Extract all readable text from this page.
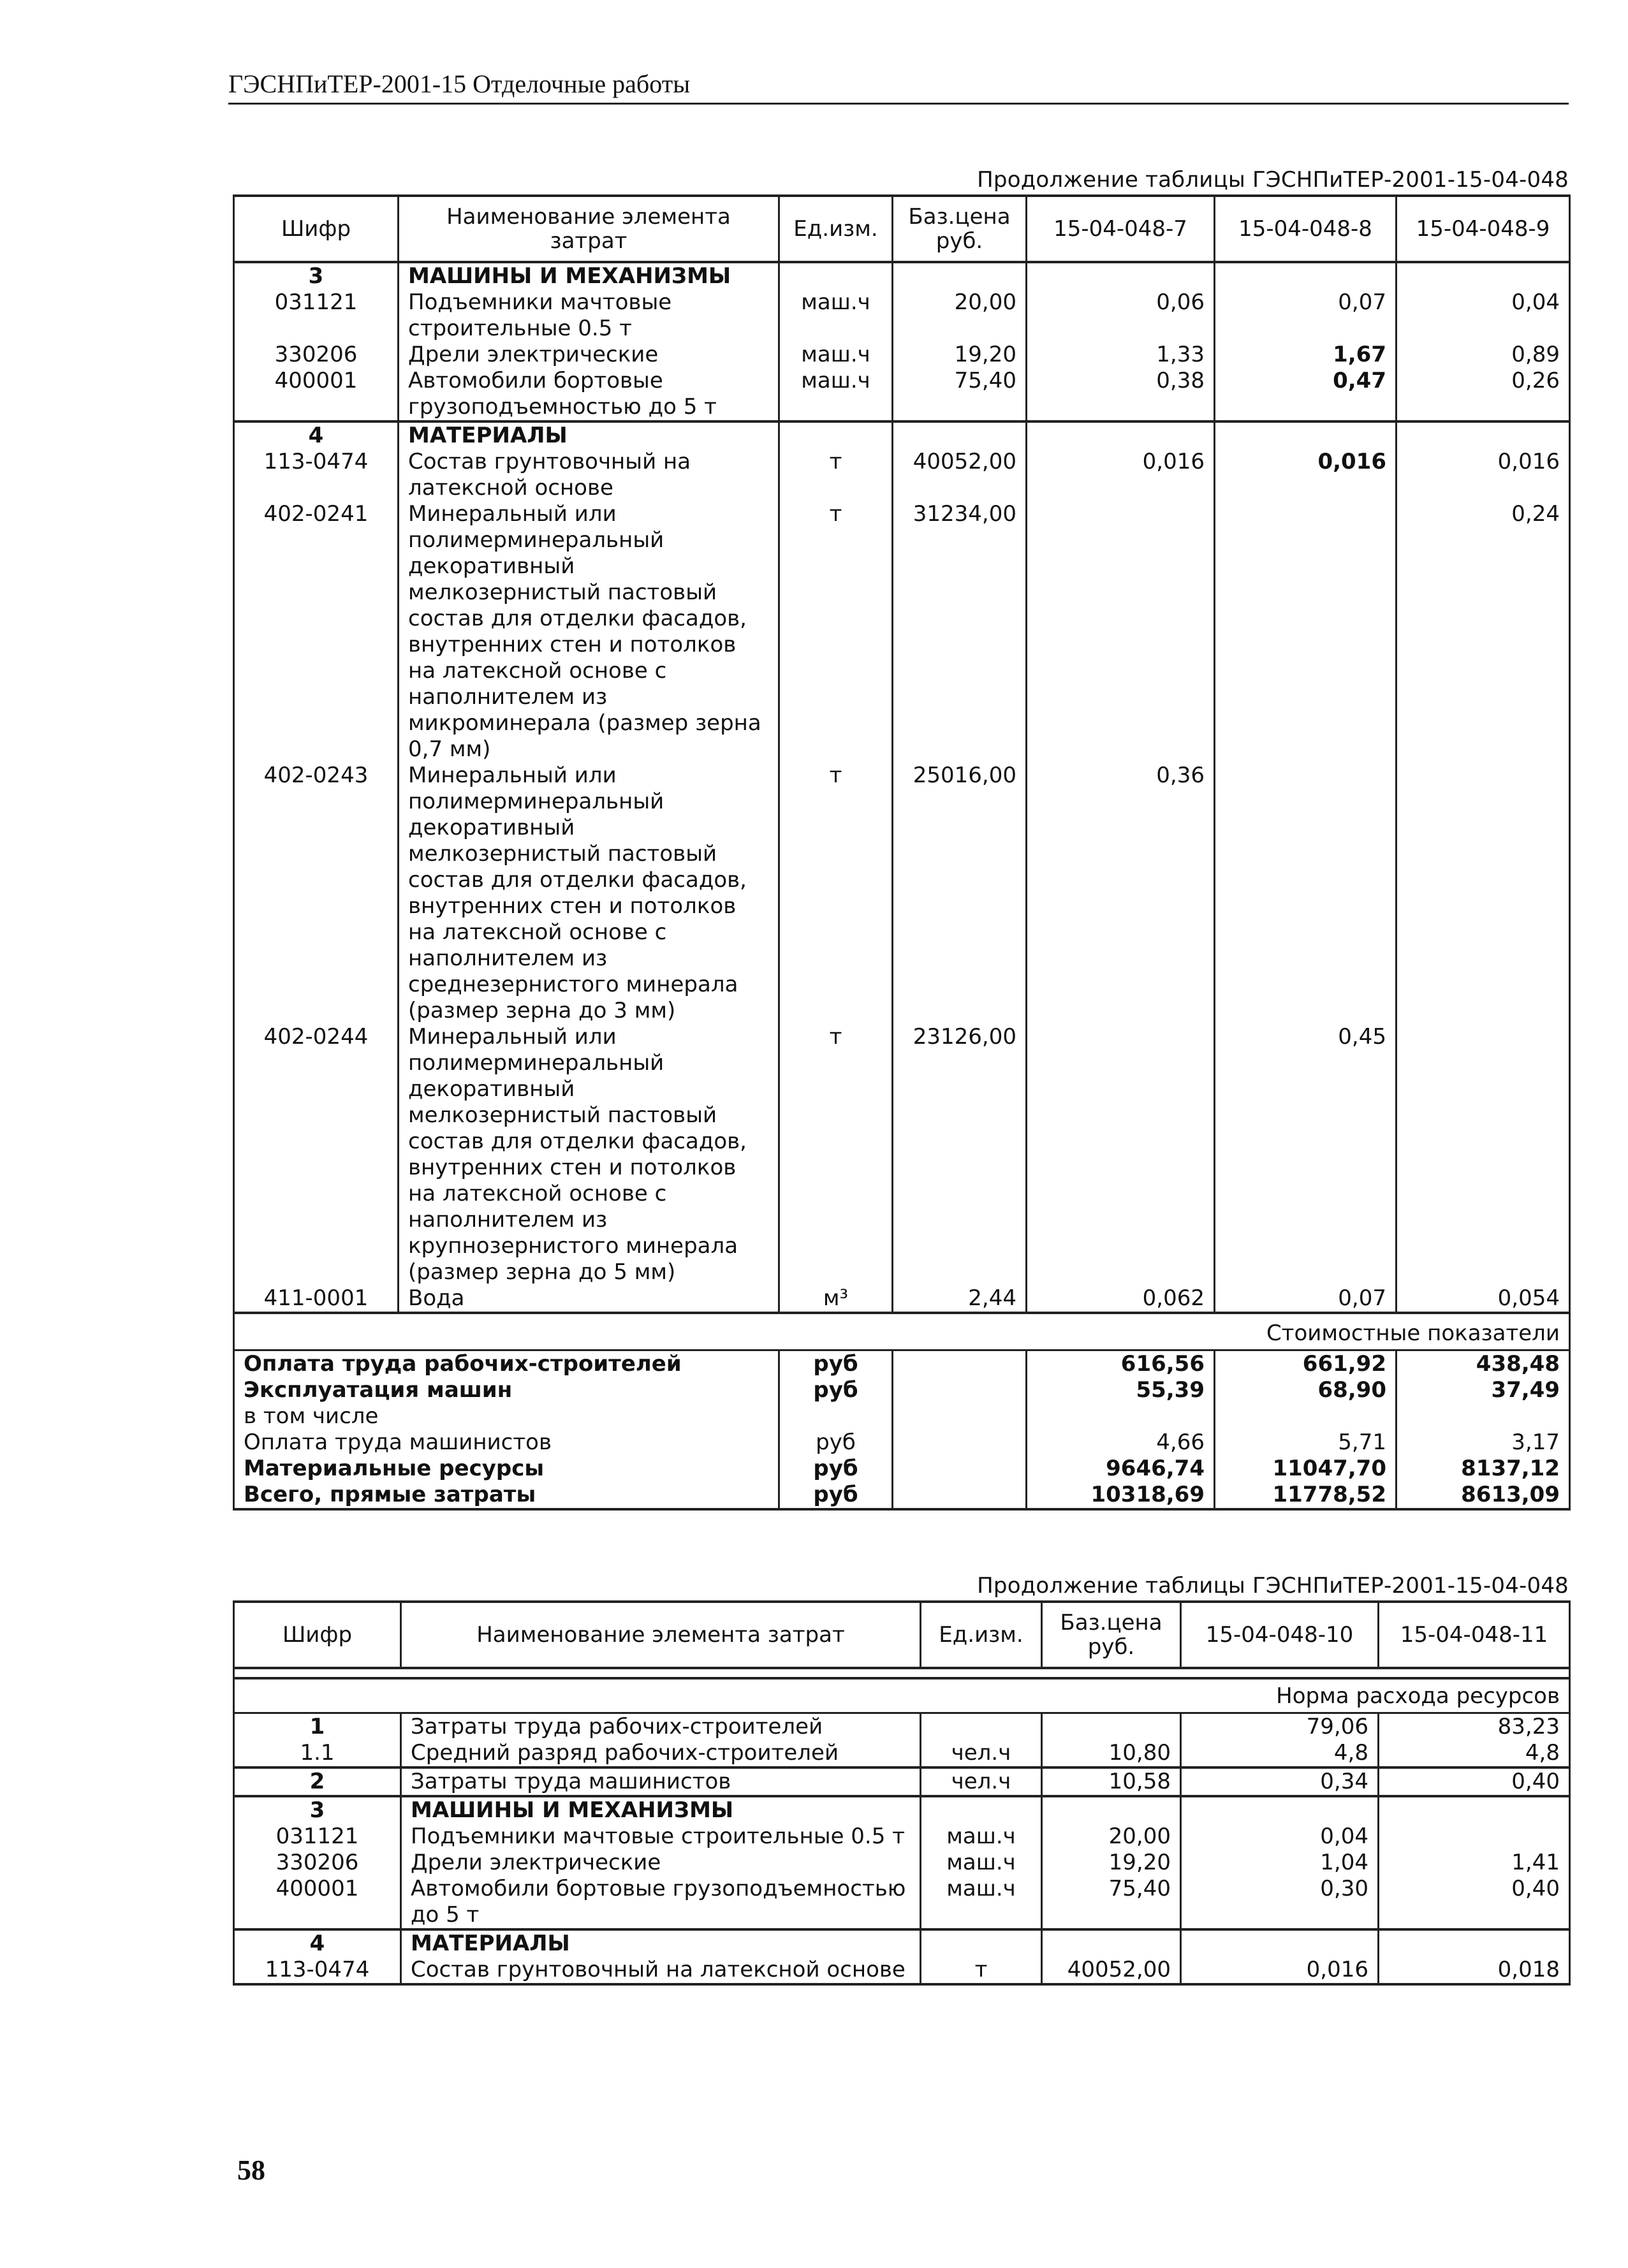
ГЭСНПиТЕР-2001-15 Отделочные работы
Продолжение таблицы ГЭСНПиТЕР-2001-15-04-048
Шифр	Наименование элемента затрат	Ед.изм.	Баз.цена руб.	15-04-048-7	15-04-048-8	15-04-048-9
3	МАШИНЫ И МЕХАНИЗМЫ					
031121	Подъемники мачтовые строительные 0.5 т	маш.ч	20,00	0,06	0,07	0,04
330206	Дрели электрические	маш.ч	19,20	1,33	1,67	0,89
400001	Автомобили бортовые грузоподъемностью до 5 т	маш.ч	75,40	0,38	0,47	0,26
4	МАТЕРИАЛЫ					
113-0474	Состав грунтовочный на латексной основе	т	40052,00	0,016	0,016	0,016
402-0241	Минеральный или полимерминеральный декоративный мелкозернистый пастовый состав для отделки фасадов, внутренних стен и потолков на латексной основе с наполнителем из микроминерала (размер зерна 0,7 мм)	т	31234,00			0,24
402-0243	Минеральный или полимерминеральный декоративный мелкозернистый пастовый состав для отделки фасадов, внутренних стен и потолков на латексной основе с наполнителем из среднезернистого минерала (размер зерна до 3 мм)	т	25016,00	0,36		
402-0244	Минеральный или полимерминеральный декоративный мелкозернистый пастовый состав для отделки фасадов, внутренних стен и потолков на латексной основе с наполнителем из крупнозернистого минерала (размер зерна до 5 мм)	т	23126,00		0,45	
411-0001	Вода	м³	2,44	0,062	0,07	0,054
Стоимостные показатели						
Оплата труда рабочих-строителей		руб		616,56	661,92	438,48
Эксплуатация машин		руб		55,39	68,90	37,49
в том числе						
Оплата труда машинистов		руб		4,66	5,71	3,17
Материальные ресурсы		руб		9646,74	11047,70	8137,12
Всего, прямые затраты		руб		10318,69	11778,52	8613,09
Продолжение таблицы ГЭСНПиТЕР-2001-15-04-048
Шифр	Наименование элемента затрат	Ед.изм.	Баз.цена руб.	15-04-048-10	15-04-048-11

Норма расхода ресурсов					
1	Затраты труда рабочих-строителей			79,06	83,23
1.1	Средний разряд рабочих-строителей	чел.ч	10,80	4,8	4,8
2	Затраты труда машинистов	чел.ч	10,58	0,34	0,40
3	МАШИНЫ И МЕХАНИЗМЫ				
031121	Подъемники мачтовые строительные 0.5 т	маш.ч	20,00	0,04	
330206	Дрели электрические	маш.ч	19,20	1,04	1,41
400001	Автомобили бортовые грузоподъемностью до 5 т	маш.ч	75,40	0,30	0,40
4	МАТЕРИАЛЫ				
113-0474	Состав грунтовочный на латексной основе	т	40052,00	0,016	0,018
58
